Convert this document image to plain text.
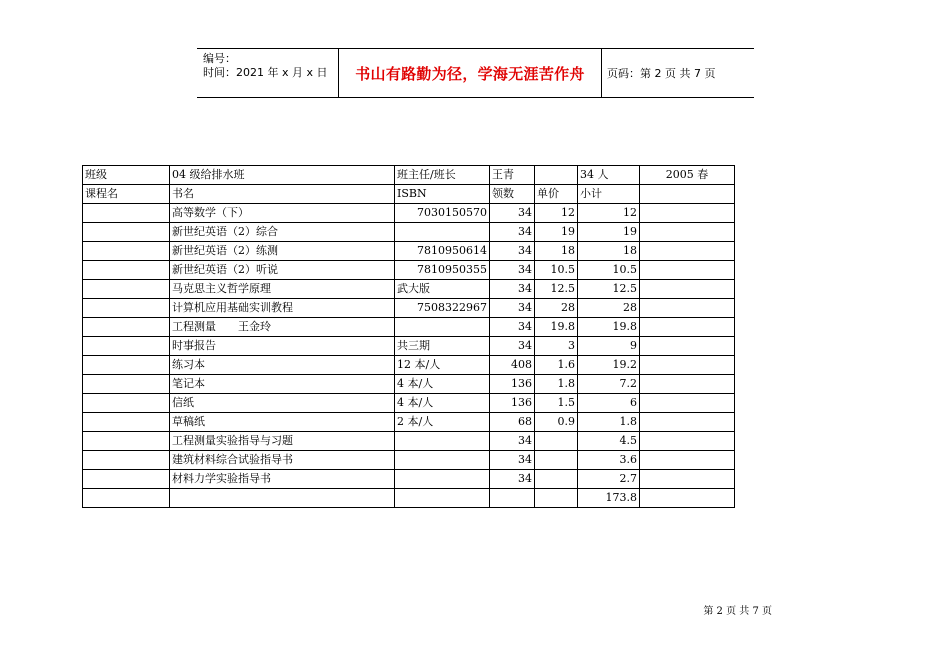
编号：
时间：2021 年 x 月 x 日	书山有路勤为径，学海无涯苦作舟	页码：第 2 页 共 7 页
班级	04 级给排水班	班主任/班长	王青		34 人	2005 春
课程名	书名	ISBN	领数	单价	小计	
	高等数学（下）	7030150570	34	12	12	
	新世纪英语（2）综合		34	19	19	
	新世纪英语（2）练测	7810950614	34	18	18	
	新世纪英语（2）听说	7810950355	34	10.5	10.5	
	马克思主义哲学原理	武大版	34	12.5	12.5	
	计算机应用基础实训教程	7508322967	34	28	28	
	工程测量　　王金玲		34	19.8	19.8	
	时事报告	共三期	34	3	9	
	练习本	12 本/人	408	1.6	19.2	
	笔记本	4 本/人	136	1.8	7.2	
	信纸	4 本/人	136	1.5	6	
	草稿纸	2 本/人	68	0.9	1.8	
	工程测量实验指导与习题		34		4.5	
	建筑材料综合试验指导书		34		3.6	
	材料力学实验指导书		34		2.7	
					173.8	
第 2 页 共 7 页
